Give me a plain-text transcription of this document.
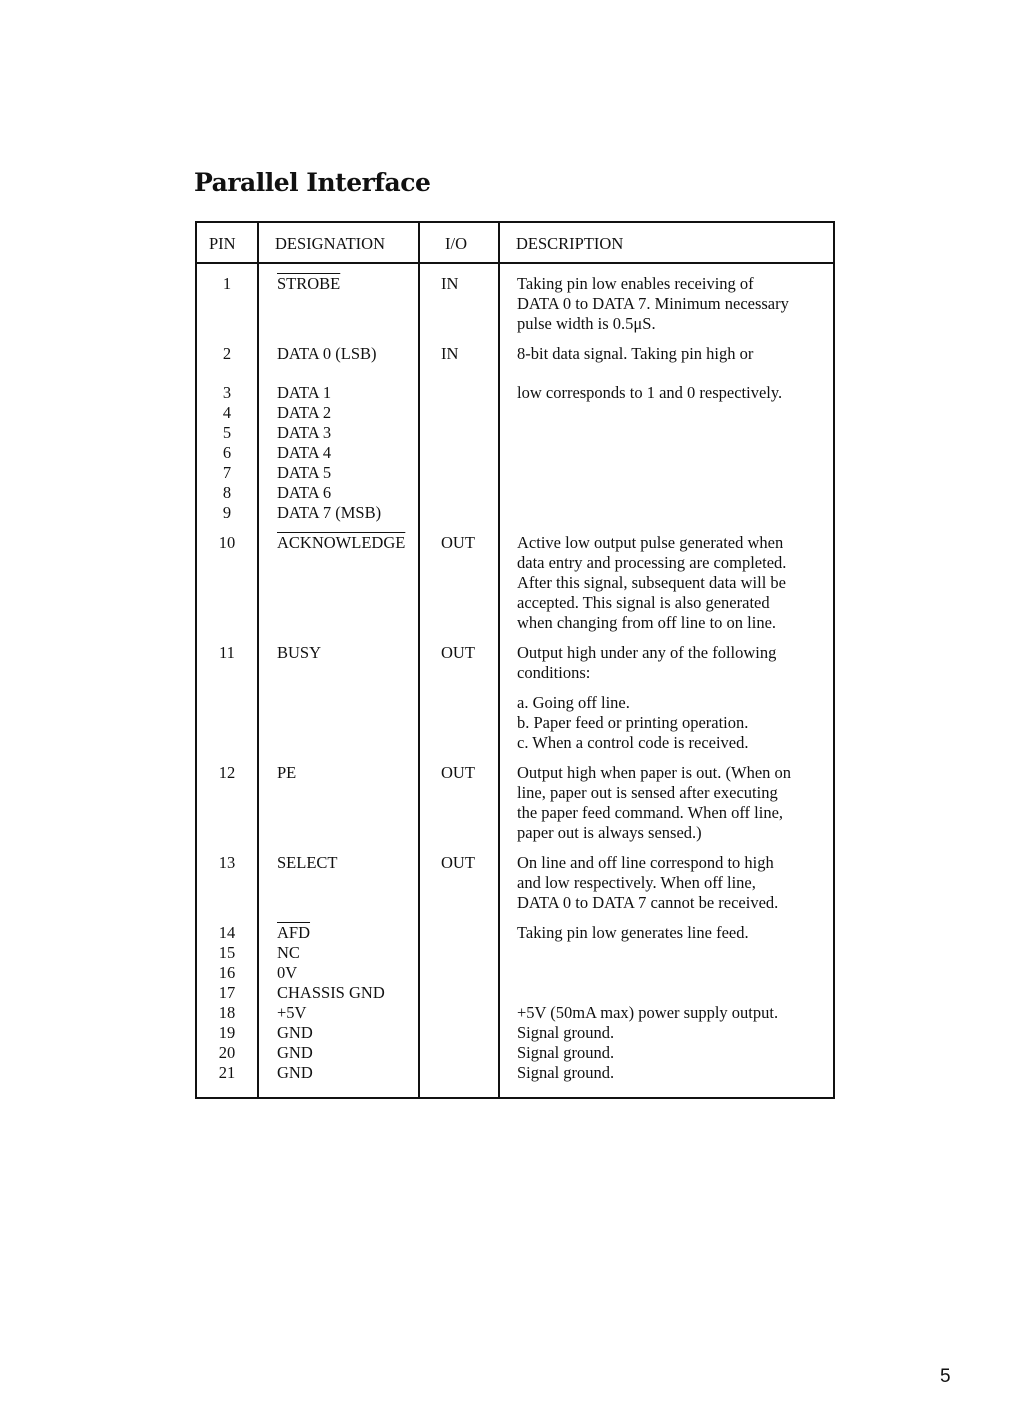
Parallel Interface
PIN DESIGNATION	I/O	DESCRIPTION
1
2
3
4
5
6
7
8
9
10
11
12
13
14
15
16
17
18
19
20
21
STROBE
DATA 0 (LSB)
DATA 1
DATA 2
DATA 3
DATA 4
DATA 5
DATA 6
DATA 7 (MSB)
ACKNOWLEDGE
BUSY
PE
SELECT
$\overline{AFD}$
NC
0V
CHASSIS GND
+5V
GND
GND
GND
IN
IN
OUT
OUT
OUT
OUT
Taking pin low enables receiving of
DATA 0 to DATA 7. Minimum necessary
pulse width is 0.5μS.
8-bit data signal. Taking pin high or
low corresponds to 1 and 0 respectively.
Active low output pulse generated when
data entry and processing are completed.
After this signal, subsequent data will be
accepted. This signal is also generated
when changing from off line to on line.
Output high under any of the following
conditions:
a. Going off line.
b. Paper feed or printing operation.
c. When a control code is received.
Output high when paper is out. (When on
line, paper out is sensed after executing
the paper feed command. When off line,
paper out is always sensed.)
On line and off line correspond to high
and low respectively. When off line,
DATA 0 to DATA 7 cannot be received.
Taking pin low generates line feed.
+5V (50mA max) power supply output.
Signal ground.
Signal ground.
Signal ground.
5
